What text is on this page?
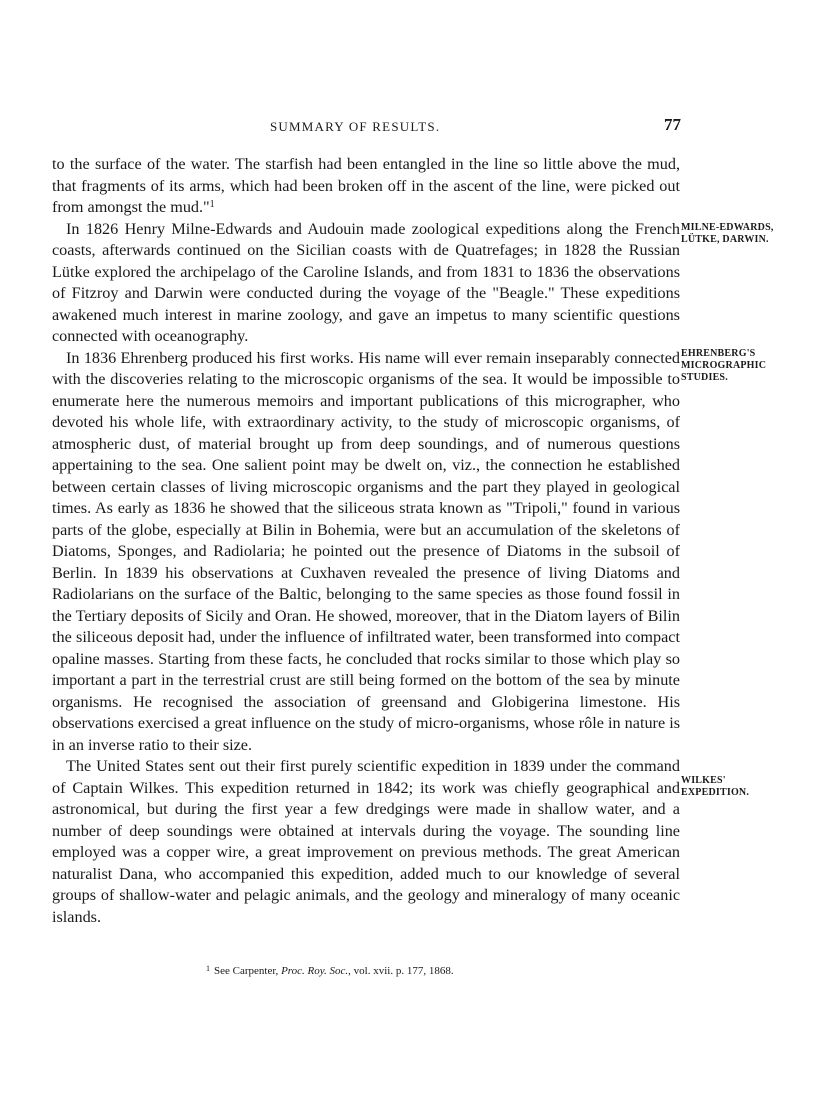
SUMMARY OF RESULTS.	77

to the surface of the water. The starfish had been entangled in the line so little above the mud, that fragments of its arms, which had been broken off in the ascent of the line, were picked out from amongst the mud."$^1$

In 1826 Henry Milne-Edwards and Audouin made zoological expeditions along the French coasts, afterwards continued on the Sicilian coasts with de Quatrefages; in 1828 the Russian Lütke explored the archipelago of the Caroline Islands, and from 1831 to 1836 the observations of Fitzroy and Darwin were conducted during the voyage of the "Beagle." These expeditions awakened much interest in marine zoology, and gave an impetus to many scientific questions connected with oceanography.

In 1836 Ehrenberg produced his first works. His name will ever remain inseparably connected with the discoveries relating to the microscopic organisms of the sea. It would be impossible to enumerate here the numerous memoirs and important publications of this micrographer, who devoted his whole life, with extraordinary activity, to the study of microscopic organisms, of atmospheric dust, of material brought up from deep soundings, and of numerous questions appertaining to the sea. One salient point may be dwelt on, viz., the connection he established between certain classes of living microscopic organisms and the part they played in geological times. As early as 1836 he showed that the siliceous strata known as "Tripoli," found in various parts of the globe, especially at Bilin in Bohemia, were but an accumulation of the skeletons of Diatoms, Sponges, and Radiolaria; he pointed out the presence of Diatoms in the subsoil of Berlin. In 1839 his observations at Cuxhaven revealed the presence of living Diatoms and Radiolarians on the surface of the Baltic, belonging to the same species as those found fossil in the Tertiary deposits of Sicily and Oran. He showed, moreover, that in the Diatom layers of Bilin the siliceous deposit had, under the influence of infiltrated water, been transformed into compact opaline masses. Starting from these facts, he concluded that rocks similar to those which play so important a part in the terrestrial crust are still being formed on the bottom of the sea by minute organisms. He recognised the association of greensand and Globigerina limestone. His observations exercised a great influence on the study of micro-organisms, whose rôle in nature is in an inverse ratio to their size.

The United States sent out their first purely scientific expedition in 1839 under the command of Captain Wilkes. This expedition returned in 1842; its work was chiefly geographical and astronomical, but during the first year a few dredgings were made in shallow water, and a number of deep soundings were obtained at intervals during the voyage. The sounding line employed was a copper wire, a great improvement on previous methods. The great American naturalist Dana, who accompanied this expedition, added much to our knowledge of several groups of shallow-water and pelagic animals, and the geology and mineralogy of many oceanic islands.

MILNE-EDWARDS,
LÜTKE, DARWIN.
EHRENBERG'S
MICROGRAPHIC
STUDIES.
WILKES'
EXPEDITION.
$^1$ See Carpenter, Proc. Roy. Soc., vol. xvii. p. 177, 1868.
